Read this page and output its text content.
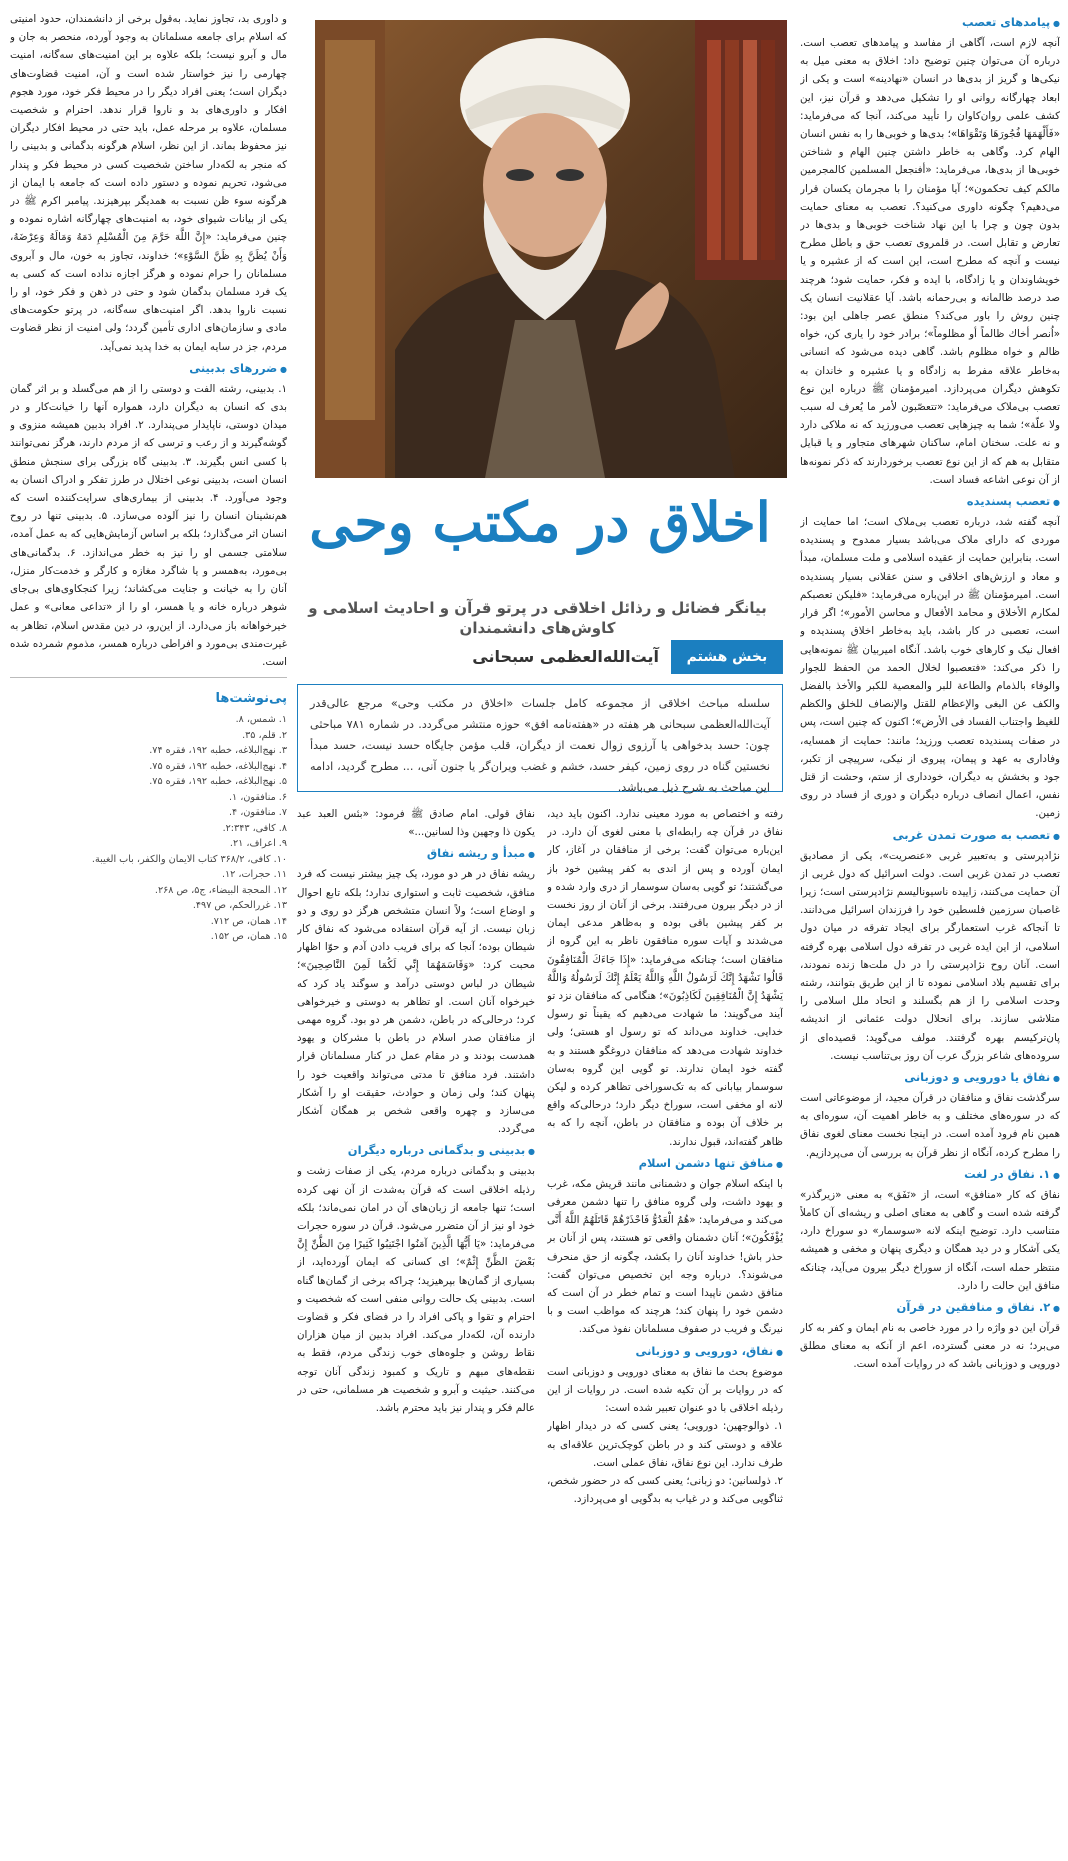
● پیامدهای تعصب

آنچه لازم است، آگاهی از مفاسد و پیامدهای تعصب است. درباره آن می‌توان چنین توضیح داد: اخلاق به معنی میل به نیکی‌ها و گریز از بدی‌ها در انسان «نهادینه» است و یکی از ابعاد چهارگانه روانی او را تشکیل می‌دهد و قرآن نیز، این کشف علمی روان‌کاوان را تأیید می‌کند، آنجا که می‌فرماید: «فَأَلْهَمَهَا فُجُورَهَا وَتَقْوَاهَا»؛ بدی‌ها و خوبی‌ها را به نفس انسان الهام کرد. وگاهی به خاطر داشتن چنین الهام و شناختن خوبی‌ها از بدی‌ها، می‌فرماید: «أفنجعل المسلمین کالمجرمین مالکم کیف تحکمون»؛ آیا مؤمنان را با مجرمان یکسان قرار می‌دهیم؟ چگونه داوری می‌کنید؟. تعصب به معنای حمایت بدون چون و چرا با این نهاد شناخت خوبی‌ها و بدی‌ها در تعارض و تقابل است. در قلمروی تعصب حق و باطل مطرح نیست و آنچه که مطرح است، این است که از عشیره و یا خویشاوندان و یا زادگاه، با ایده و فکر، حمایت شود؛ هرچند صد درصد ظالمانه و بی‌رحمانه باشد. آیا عقلانیت انسان یک چنین روش را باور می‌کند؟ منطق عصر جاهلی این بود: «اُنصر أخاك ظالماً أو مظلوماً»؛ برادر خود را یاری کن، خواه ظالم و خواه مظلوم باشد. گاهی دیده می‌شود که انسانی به‌خاطر علاقه مفرط به زادگاه و یا عشیره و خاندان به تکوهش دیگران می‌پردازد. امیرمؤمنان ﷺ درباره این نوع تعصب بی‌ملاک می‌فرماید: «تتعصّبون لأمر ما يُعرف له سبب ولا علّة»؛ شما به چیزهایی تعصب می‌ورزید که نه ملاکی دارد و نه علت. سخنان امام، ساکنان شهرهای متجاور و یا قبایل متقابل به هم که از این نوع تعصب برخوردارند که ذکر نمونه‌ها از آن نوعی اشاعه فساد است.

● تعصب پسندیده

آنچه گفته شد، درباره تعصب بی‌ملاک است؛ اما حمایت از موردی که دارای ملاک می‌باشد بسیار ممدوح و پسندیده است. بنابراین حمایت از عقیده اسلامی و ملت مسلمان، مبدأ و معاد و ارزش‌های اخلاقی و سنن عقلانی بسیار پسندیده است. امیرمؤمنان ﷺ در این‌باره می‌فرماید: «فلیکن تعصبکم لمکارم الأخلاق و محامد الأفعال و محاسن الأمور»؛ اگر قرار است، تعصبی در کار باشد، باید به‌خاطر اخلاق پسندیده و افعال نیک و کارهای خوب باشد. آنگاه امیربیان ﷺ نمونه‌هایی را ذکر می‌کند: «فتعصبوا لخلال الحمد من الحفظ للجوار والوفاء بالذمام والطاعة للبر والمعصیة للکبر والأخذ بالفضل والکف عن البغی والإعظام للقتل والإنصاف للخلق والکظم للغیظ واجتناب الفساد فی الأرض»؛ اکنون که چنین است، پس در صفات پسندیده تعصب ورزید؛ مانند: حمایت از همسایه، وفاداری به عهد و پیمان، پیروی از نیکی، سرپیچی از تکبر، جود و بخشش به دیگران، خودداری از ستم، وحشت از قتل نفس، اعمال انصاف درباره دیگران و دوری از فساد در روی زمین.

● تعصب به صورت تمدن غربی

نژادپرستی و به‌تعبیر غربی «عنصریت»، یکی از مصادیق تعصب در تمدن غربی است. دولت اسرائیل که دول غربی از آن حمایت می‌کنند، زاییده ناسیونالیسم نژادپرستی است؛ زیرا غاصبان سرزمین فلسطین خود را فرزندان اسرائیل می‌دانند. تا آنجاکه غرب استعمارگر برای ایجاد تفرقه در میان دول اسلامی، از این ایده غربی در تفرقه دول اسلامی بهره گرفته است. آنان روح نژادپرستی را در دل ملت‌ها زنده نمودند، برای تقسیم بلاد اسلامی نموده تا از این طریق بتوانند، رشته وحدت اسلامی را از هم بگسلند و اتحاد ملل اسلامی را متلاشی سازند. برای انحلال دولت عثمانی از اندیشه پان‌ترکیسم بهره گرفتند. مولف می‌گوید: قصیده‌ای از سروده‌های شاعر بزرگ عرب آن روز بی‌تناسب نیست.

● نفاق یا دورویی و دوزبانی

سرگذشت نفاق و منافقان در قرآن مجید، از موضوعاتی است که در سوره‌های مختلف و به خاطر اهمیت آن، سوره‌ای به همین نام فرود آمده است. در اینجا نخست معنای لغوی نفاق را مطرح کرده، آنگاه از نظر قرآن به بررسی آن می‌پردازیم.

● ۱. نفاق در لغت

نفاق که کار «منافق» است، از «نَفَق» به معنی «زیرگذر» گرفته شده است و گاهی به معنای اصلی و ریشه‌ای آن کاملاً متناسب دارد. توضیح اینکه لانه «سوسمار» دو سوراخ دارد، یکی آشکار و در دید همگان و دیگری پنهان و مخفی و همیشه منتظر حمله است، آنگاه از سوراخ دیگر بیرون می‌آید، چنانکه منافق این حالت را دارد.

● ۲. نفاق و منافقین در قرآن

قرآن این دو واژه را در مورد خاصی به نام ایمان و کفر به کار می‌برد؛ نه در معنی گسترده، اعم از آنکه به معنای مطلق دورویی و دوزبانی باشد که در روایات آمده است.

اخلاق در مکتب وحی
بیانگر فضائل و رذائل اخلاقی در پرتو قرآن و احادیث اسلامی و کاوش‌های دانشمندان
بخش هشتم
آیت‌الله‌العظمی سبحانی
سلسله مباحث اخلاقی از مجموعه کامل جلسات «اخلاق در مکتب وحی» مرجع عالی‌قدر آیت‌الله‌العظمی سبحانی هر هفته در «هفته‌نامه افق» حوزه منتشر می‌گردد. در شماره ۷۸۱ مباحثی چون: حسد بدخواهی یا آرزوی زوال نعمت از دیگران، قلب مؤمن جایگاه حسد نیست، حسد مبدأ نخستین گناه در روی زمین، کیفر حسد، خشم و غضب ویران‌گر یا جنون آنی، ... مطرح گردید، ادامه این مباحث به شرح ذیل می‌باشد.

رفته و اختصاص به مورد معینی ندارد. اکنون باید دید، نفاق در قرآن چه رابطه‌ای با معنی لغوی آن دارد. در این‌باره می‌توان گفت: برخی از منافقان در آغاز، کار ایمان آورده و پس از اندی به کفر پیشین خود باز می‌گشتند؛ تو گویی به‌سان سوسمار از دری وارد شده و از در دیگر بیرون می‌رفتند. برخی از آنان از روز نخست بر کفر پیشین باقی بوده و به‌ظاهر مدعی ایمان می‌شدند و آیات سوره منافقون ناظر به این گروه از منافقان است؛ چنانکه می‌فرماید: «إِذَا جَاءَكَ الْمُنَافِقُونَ قَالُوا نَشْهَدُ إِنَّكَ لَرَسُولُ اللَّهِ وَاللَّهُ يَعْلَمُ إِنَّكَ لَرَسُولُهُ وَاللَّهُ يَشْهَدُ إِنَّ الْمُنَافِقِينَ لَكَاذِبُونَ»؛ هنگامی که منافقان نزد تو آیند می‌گویند: ما شهادت می‌دهیم که یقیناً تو رسول خدایی. خداوند می‌داند که تو رسول او هستی؛ ولی خداوند شهادت می‌دهد که منافقان دروغگو هستند و به گفته خود ایمان ندارند. تو گویی این گروه به‌سان سوسمار بیابانی که به تک‌سوراخی تظاهر کرده و لیکن لانه او مخفی است، سوراخ دیگر دارد؛ درحالی‌که واقع بر خلاف آن بوده و منافقان در باطن، آنچه را که به ظاهر گفته‌اند، قبول ندارند.

● منافق تنها دشمن اسلام

با اینکه اسلام جوان و دشمنانی مانند قریش مکه، غرب و یهود داشت، ولی گروه منافق را تنها دشمن معرفی می‌کند و می‌فرماید: «هُمُ الْعَدُوُّ فَاحْذَرْهُمْ قَاتَلَهُمُ اللَّهُ أَنَّى يُؤْفَكُونَ»؛ آنان دشمنان واقعی تو هستند، پس از آنان بر حذر باش! خداوند آنان را بکشد، چگونه از حق منحرف می‌شوند؟. درباره وجه این تخصیص می‌توان گفت: منافق دشمن ناپیدا است و تمام خطر در آن است که دشمن خود را پنهان کند؛ هرچند که مواظب است و با نیرنگ و فریب در صفوف مسلمانان نفوذ می‌کند.

● نفاق، دورویی و دوزبانی

موضوع بحث ما نفاق به معنای دورویی و دوزبانی است که در روایات بر آن تکیه شده است. در روایات از این رذیله اخلاقی با دو عنوان تعبیر شده است:

۱. ذوالوجهین: دورویی؛ یعنی کسی که در دیدار اظهار علاقه و دوستی کند و در باطن کوچک‌ترین علاقه‌ای به طرف ندارد. این نوع نفاق، نفاق عملی است.

۲. ذولسانین: دو زبانی؛ یعنی کسی که در حضور شخص، ثناگویی می‌کند و در غیاب به بدگویی او می‌پردازد.

نفاق قولی. امام صادق ﷺ فرمود: «بئس العبد عبد یکون ذا وجهین وذا لسانین...»

● مبدأ و ریشه نفاق

ریشه نفاق در هر دو مورد، یک چیز بیشتر نیست که فرد منافق، شخصیت ثابت و استواری ندارد؛ بلکه تابع احوال و اوضاع است؛ ولاً انسان متشخص هرگز دو روی و دو زبان نیست. از آیه قرآن استفاده می‌شود که نفاق کار شیطان بوده؛ آنجا که برای فریب دادن آدم و حوّا اظهار محبت کرد: «وَقَاسَمَهُمَا إِنِّي لَكُمَا لَمِنَ النَّاصِحِينَ»؛ شیطان در لباس دوستی درآمد و سوگند یاد کرد که خیرخواه آنان است. او تظاهر به دوستی و خیرخواهی کرد؛ درحالی‌که در باطن، دشمن هر دو بود. گروه مهمی از منافقان صدر اسلام در باطن با مشرکان و یهود همدست بودند و در مقام عمل در کنار مسلمانان قرار داشتند. فرد منافق تا مدتی می‌تواند واقعیت خود را پنهان کند؛ ولی زمان و حوادث، حقیقت او را آشکار می‌سازد و چهره واقعی شخص بر همگان آشکار می‌گردد.

● بدبینی و بدگمانی درباره دیگران

بدبینی و بدگمانی درباره مردم، یکی از صفات زشت و رذیله اخلاقی است که قرآن به‌شدت از آن نهی کرده است؛ تنها جامعه از زبان‌های آن در امان نمی‌ماند؛ بلکه خود او نیز از آن متضرر می‌شود. قرآن در سوره حجرات می‌فرماید: «يَا أَيُّهَا الَّذِينَ آمَنُوا اجْتَنِبُوا كَثِيرًا مِنَ الظَّنِّ إِنَّ بَعْضَ الظَّنِّ إِثْمٌ»؛ ای کسانی که ایمان آورده‌اید، از بسیاری از گمان‌ها بپرهیزید؛ چراکه برخی از گمان‌ها گناه است. بدبینی یک حالت روانی منفی است که شخصیت و احترام و تقوا و پاکی افراد را در فضای فکر و قضاوت دارنده آن، لکه‌دار می‌کند. افراد بدبین از میان هزاران نقاط روشن و جلوه‌های خوب زندگی مردم، فقط به نقطه‌های مبهم و تاریک و کمبود زندگی آنان توجه می‌کنند. حیثیت و آبرو و شخصیت هر مسلمانی، حتی در عالم فکر و پندار نیز باید محترم باشد.

و داوری بد، تجاوز نماید. به‌قول برخی از دانشمندان، حدود امنیتی که اسلام برای جامعه مسلمانان به وجود آورده، منحصر به جان و مال و آبرو نیست؛ بلکه علاوه بر این امنیت‌های سه‌گانه، امنیت چهارمی را نیز خواستار شده است و آن، امنیت قضاوت‌های دیگران است؛ یعنی افراد دیگر را در محیط فکر خود، مورد هجوم افکار و داوری‌های بد و ناروا قرار ندهد. احترام و شخصیت مسلمان، علاوه بر مرحله عمل، باید حتی در محیط افکار دیگران نیز محفوظ بماند. از این نظر، اسلام هرگونه بدگمانی و بدبینی را که منجر به لکه‌دار ساختن شخصیت کسی در محیط فکر و پندار می‌شود، تحریم نموده و دستور داده است که جامعه با ایمان از هرگونه سوء ظن نسبت به همدیگر بپرهیزند. پیامبر اکرم ﷺ در یکی از بیانات شیوای خود، به امنیت‌های چهارگانه اشاره نموده و چنین می‌فرماید: «إِنَّ اللَّهَ حَرَّمَ مِنَ الْمُسْلِمِ دَمَهُ وَمَالَهُ وَعِرْضَهُ، وَأَنْ يُظَنَّ بِهِ ظَنَّ السَّوْءِ»؛ خداوند، تجاوز به خون، مال و آبروی مسلمانان را حرام نموده و هرگز اجازه نداده است که کسی به یک فرد مسلمان بدگمان شود و حتی در ذهن و فکر خود، او را نسبت ناروا بدهد. اگر امنیت‌های سه‌گانه، در پرتو حکومت‌های مادی و سازمان‌های اداری تأمین گردد؛ ولی امنیت از نظر قضاوت مردم، جز در سایه ایمان به خدا پدید نمی‌آید.

● ضررهای بدبینی

۱. بدبینی، رشته الفت و دوستی را از هم می‌گسلد و بر اثر گمان بدی که انسان به دیگران دارد، همواره آنها را خیانت‌کار و در میدان دوستی، ناپایدار می‌پندارد. ۲. افراد بدبین همیشه منزوی و گوشه‌گیرند و از رعب و ترسی که از مردم دارند، هرگز نمی‌توانند با کسی انس بگیرند. ۳. بدبینی گاه بزرگی برای سنجش منطق انسان است، بدبینی نوعی اختلال در طرز تفکر و ادراک انسان به وجود می‌آورد. ۴. بدبینی از بیماری‌های سرایت‌کننده است که هم‌نشینان انسان را نیز آلوده می‌سازد. ۵. بدبینی تنها در روح انسان اثر می‌گذارد؛ بلکه بر اساس آزمایش‌هایی که به عمل آمده، سلامتی جسمی او را نیز به خطر می‌اندازد. ۶. بدگمانی‌های بی‌مورد، به‌همسر و یا شاگرد مغازه و کارگر و خدمت‌کار منزل، آنان را به خیانت و جنایت می‌کشاند؛ زیرا کنجکاوی‌های بی‌جای شوهر درباره خانه و یا همسر، او را از «تداعی معانی» و عمل خیرخواهانه باز می‌دارد. از این‌رو، در دین مقدس اسلام، تظاهر به غیرت‌مندی بی‌مورد و افراطی درباره همسر، مذموم شمرده شده است.

پی‌نوشت‌ها
۱. شمس، ۸.
۲. قلم، ۳۵.
۳. نهج‌البلاغه، خطبه ۱۹۲، فقره ۷۴.
۴. نهج‌البلاغه، خطبه ۱۹۲، فقره ۷۵.
۵. نهج‌البلاغه، خطبه ۱۹۲، فقره ۷۵.
۶. منافقون، ۱.
۷. منافقون، ۴.
۸. کافی، ۲:۳۴۳.
۹. اعراف، ۲۱.
۱۰. کافی، ۳۶۸/۲ کتاب الایمان والکفر، باب الغیبة.
۱۱. حجرات، ۱۲.
۱۲. المحجة البیضاء، ج۵، ص ۲۶۸.
۱۳. غررالحکم، ص ۴۹۷.
۱۴. همان، ص ۷۱۲.
۱۵. همان، ص ۱۵۲.
